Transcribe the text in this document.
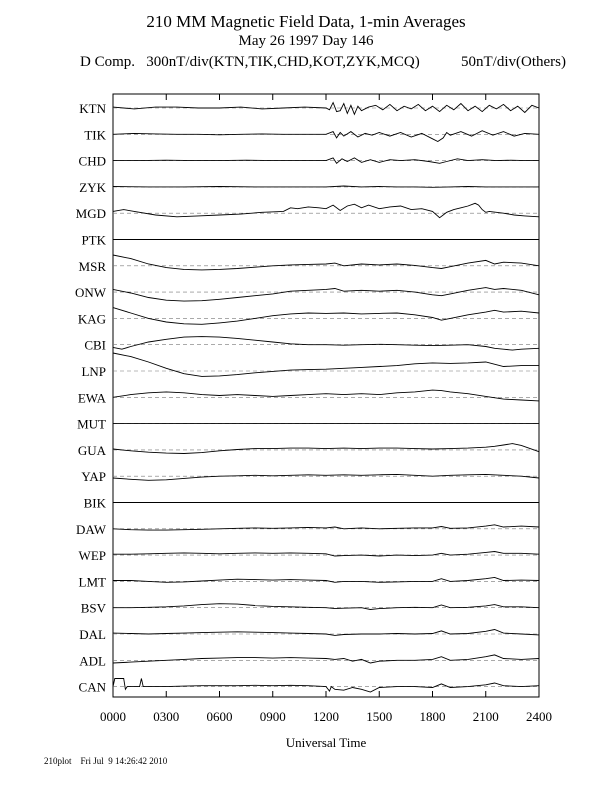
210 MM Magnetic Field Data, 1-min Averages
May 26 1997 Day 146
D Comp.   300nT/div(KTN,TIK,CHD,KOT,ZYK,MCQ)	50nT/div(Others)
KTN
TIK
CHD
ZYK
MGD
PTK
MSR
ONW
KAG
CBI
LNP
EWA
MUT
GUA
YAP
BIK
DAW
WEP
LMT
BSV
DAL
ADL
CAN
0000 0300 0600 0900 1200 1500 1800 2100 2400
Universal Time
210plot    Fri Jul  9 14:26:42 2010
